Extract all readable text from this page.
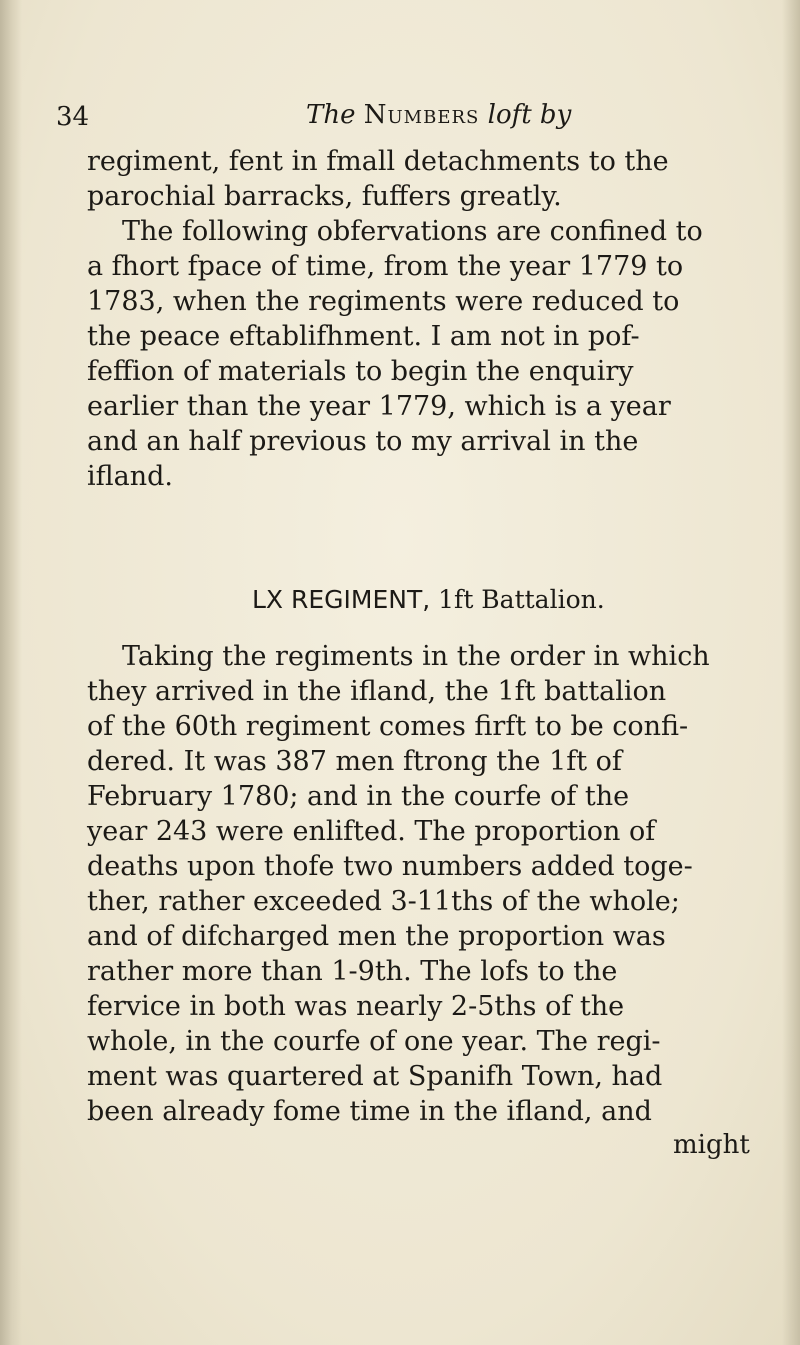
34	The Numbers loft by
regiment, fent in fmall detachments to the
parochial barracks, fuffers greatly.
The following obfervations are confined to
a fhort fpace of time, from the year 1779 to
1783, when the regiments were reduced to
the peace eftablifhment. I am not in pof-
feffion of materials to begin the enquiry
earlier than the year 1779, which is a year
and an half previous to my arrival in the
ifland.
Taking the regiments in the order in which
they arrived in the ifland, the 1ft battalion
of the 60th regiment comes firft to be confi-
dered. It was 387 men ftrong the 1ft of
February 1780; and in the courfe of the
year 243 were enlifted. The proportion of
deaths upon thofe two numbers added toge-
ther, rather exceeded 3-11ths of the whole;
and of difcharged men the proportion was
rather more than 1-9th. The lofs to the
fervice in both was nearly 2-5ths of the
whole, in the courfe of one year. The regi-
ment was quartered at Spanifh Town, had
been already fome time in the ifland, and
LX REGIMENT, 1ft Battalion.
might
